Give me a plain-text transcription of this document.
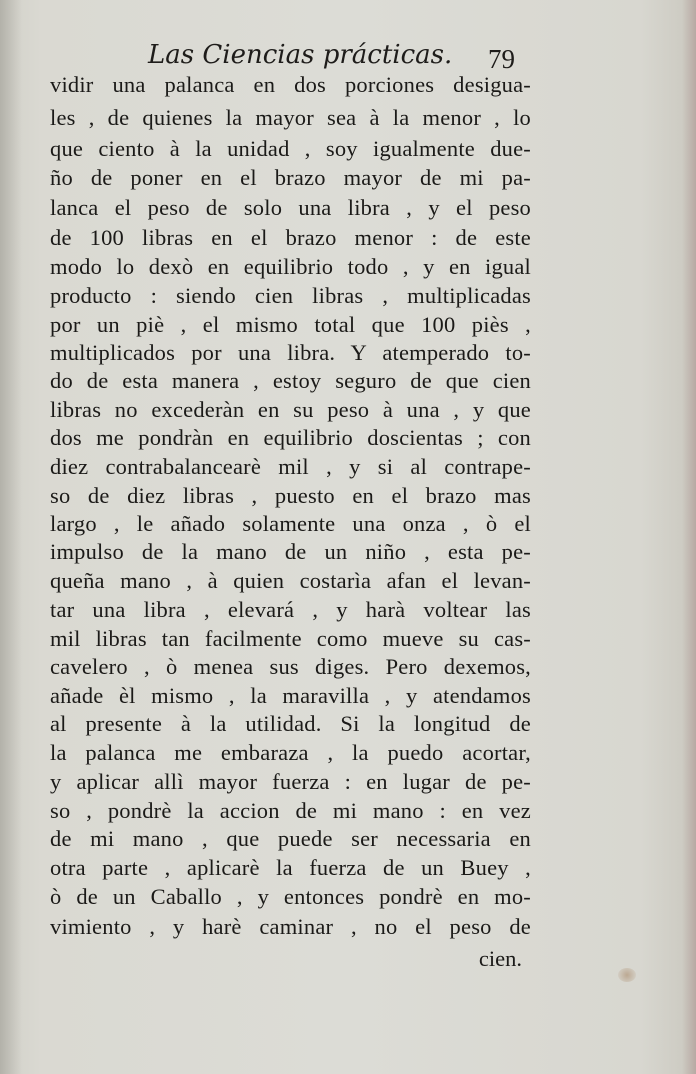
Las Ciencias prácticas.	79
vidir una palanca en dos porciones desigua-
les , de quienes la mayor sea à la menor , lo
que ciento à la unidad , soy igualmente due-
ño de poner en el brazo mayor de mi pa-
lanca el peso de solo una libra , y el peso
de 100 libras en el brazo menor : de este
modo lo dexò en equilibrio todo , y en igual
producto : siendo cien libras , multiplicadas
por un piè , el mismo total que 100 piès ,
multiplicados por una libra. Y atemperado to-
do de esta manera , estoy seguro de que cien
libras no excederàn en su peso à una , y que
dos me pondràn en equilibrio doscientas ; con
diez contrabalancearè mil , y si al contrape-
so de diez libras , puesto en el brazo mas
largo , le añado solamente una onza , ò el
impulso de la mano de un niño , esta pe-
queña mano , à quien costarìa afan el levan-
tar una libra , elevará , y harà voltear las
mil libras tan facilmente como mueve su cas-
cavelero , ò menea sus diges. Pero dexemos,
añade èl mismo , la maravilla , y atendamos
al presente à la utilidad. Si la longitud de
la palanca me embaraza , la puedo acortar,
y aplicar allì mayor fuerza : en lugar de pe-
so , pondrè la accion de mi mano : en vez
de mi mano , que puede ser necessaria en
otra parte , aplicarè la fuerza de un Buey ,
ò de un Caballo , y entonces pondrè en mo-
vimiento , y harè caminar , no el peso de
cien.
